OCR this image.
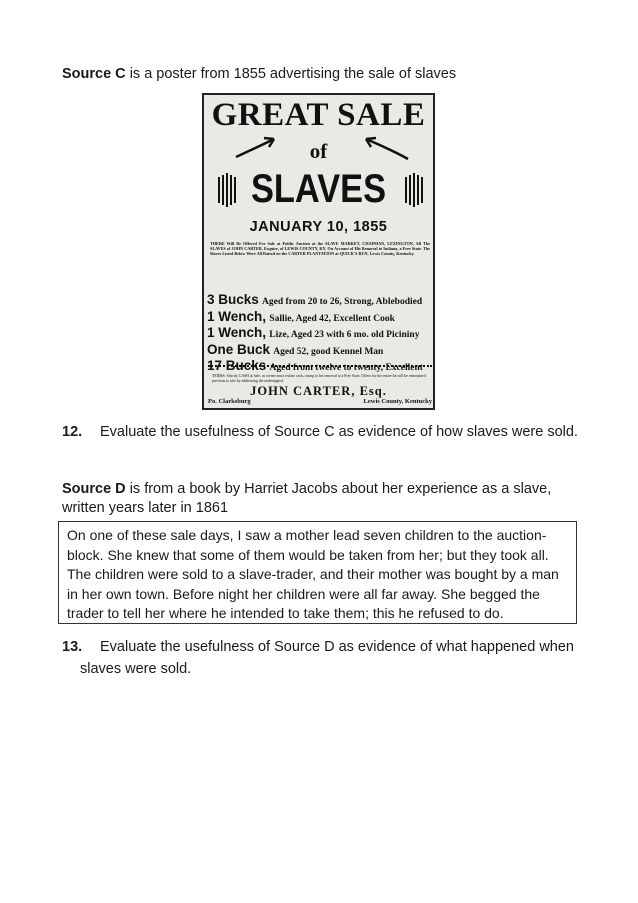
Source C is a poster from 1855 advertising the sale of slaves
GREAT SALE
of
SLAVES
JANUARY 10, 1855
THERE Will Be Offered For Sale at Public Auction at the SLAVE MARKET, CHAPMAN, LEXINGTON, All The SLAVES of JOHN CARTER, Esquire, of LEWIS COUNTY, KY. On Account of His Removal to Indiana, a Free State. The Slaves Listed Below Were All Raised on the CARTER PLANTATION at QUICK'S RUN, Lewis County, Kentucky.
3 Bucks Aged from 20 to 26, Strong, Ablebodied
1 Wench, Sallie, Aged 42, Excellent Cook
1 Wench, Lize, Aged 23 with 6 mo. old Picininy
One Buck Aged 52, good Kennel Man
17 Bucks Aged from twelve to twenty, Excellent
TERMS: Strictly CASH at Sale, as owner must realize cash, owing to his removal to a Free State. Offers for the entire lot will be entertained previous to sale by addressing the undersigned.
JOHN CARTER, Esq.
Po. Clarksburg	Lewis County, Kentucky
12. Evaluate the usefulness of Source C as evidence of how slaves were sold.
Source D is from a book by Harriet Jacobs about her experience as a slave,
written years later in 1861
On one of these sale days, I saw a mother lead seven children to the auction-
block. She knew that some of them would be taken from her; but they took all.
The children were sold to a slave-trader, and their mother was bought by a man
in her own town. Before night her children were all far away. She begged the
trader to tell her where he intended to take them; this he refused to do.
13. Evaluate the usefulness of Source D as evidence of what happened when
slaves were sold.
